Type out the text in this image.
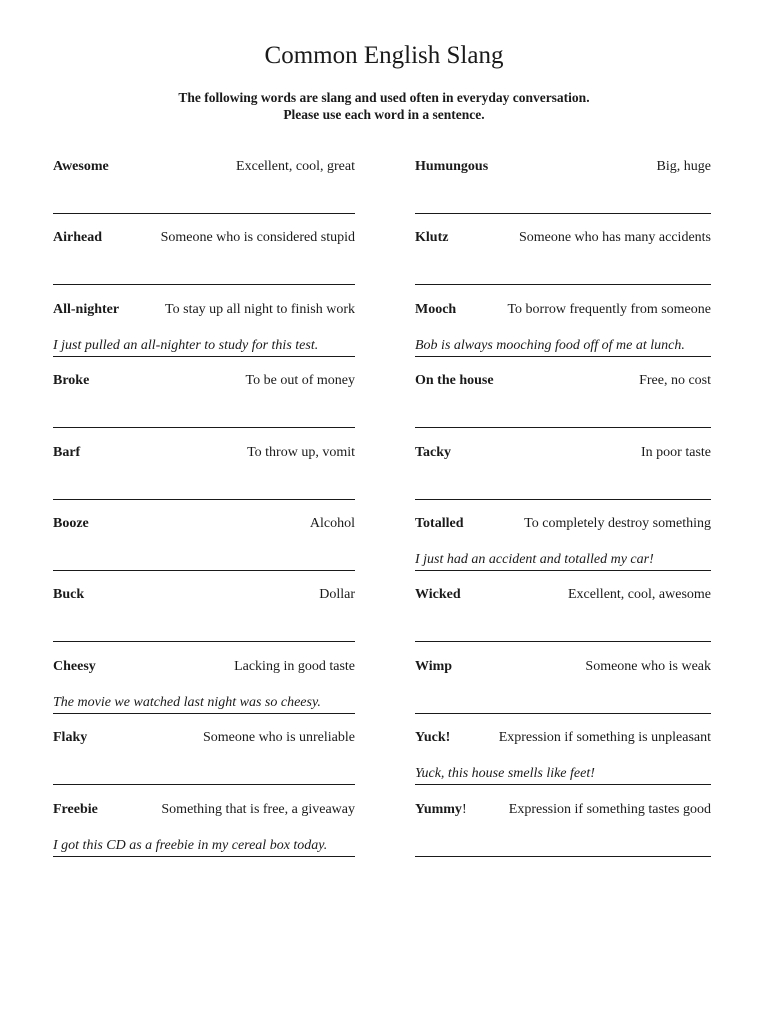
Common English Slang
The following words are slang and used often in everyday conversation.
Please use each word in a sentence.
Awesome	Excellent, cool, great
Airhead	Someone who is considered stupid
All-nighter	To stay up all night to finish work
I just pulled an all-nighter to study for this test.
Broke	To be out of money
Barf	To throw up, vomit
Booze	Alcohol
Buck	Dollar
Cheesy	Lacking in good taste
The movie we watched last night was so cheesy.
Flaky	Someone who is unreliable
Freebie	Something that is free, a giveaway
I got this CD as a freebie in my cereal box today.
Humungous	Big, huge
Klutz	Someone who has many accidents
Mooch	To borrow frequently from someone
Bob is always mooching food off of me at lunch.
On the house	Free, no cost
Tacky	In poor taste
Totalled	To completely destroy something
I just had an accident and totalled my car!
Wicked	Excellent, cool, awesome
Wimp	Someone who is weak
Yuck!	Expression if something is unpleasant
Yuck, this house smells like feet!
Yummy!	Expression if something tastes good
